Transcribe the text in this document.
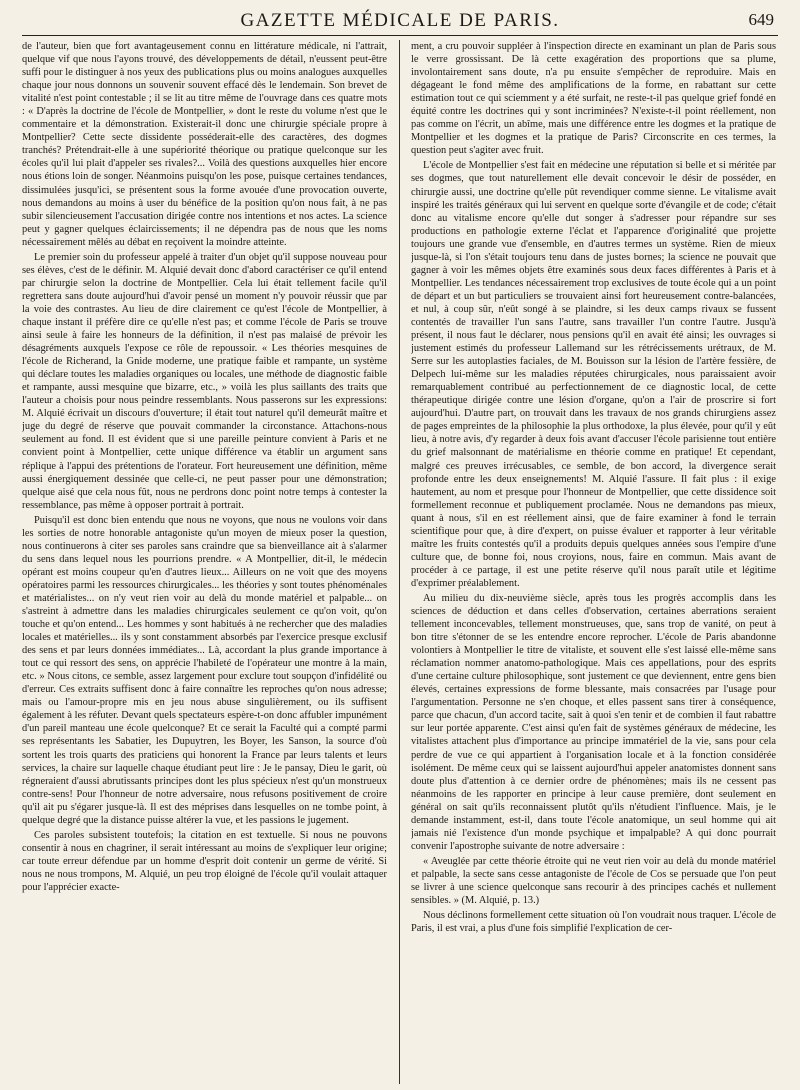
GAZETTE MÉDICALE DE PARIS.	649

de l'auteur, bien que fort avantageusement connu en littérature médicale, ni l'attrait, quelque vif que nous l'ayons trouvé, des développements de détail, n'eussent peut-être suffi pour le distinguer à nos yeux des publications plus ou moins analogues auxquelles chaque jour nous donnons un souvenir souvent effacé dès le lendemain. Son brevet de vitalité n'est point contestable ; il se lit au titre même de l'ouvrage dans ces quatre mots : « D'après la doctrine de l'école de Montpellier, » dont le reste du volume n'est que le commentaire et la démonstration. Existerait-il donc une chirurgie spéciale propre à Montpellier? Cette secte dissidente posséderait-elle des caractères, des dogmes tranchés? Prétendrait-elle à une supériorité théorique ou pratique quelconque sur les écoles qu'il lui plait d'appeler ses rivales?... Voilà des questions auxquelles hier encore nous étions loin de songer. Néanmoins puisqu'on les pose, puisque certaines tendances, dissimulées jusqu'ici, se présentent sous la forme avouée d'une provocation ouverte, nous demandons au moins à user du bénéfice de la position qu'on nous fait, à ne pas subir silencieusement l'accusation dirigée contre nos intentions et nos actes. La science peut y gagner quelques éclaircissements; il ne dépendra pas de nous que les noms nécessairement mêlés au débat en reçoivent la moindre atteinte.

Le premier soin du professeur appelé à traiter d'un objet qu'il suppose nouveau pour ses élèves, c'est de le définir. M. Alquié devait donc d'abord caractériser ce qu'il entend par chirurgie selon la doctrine de Montpellier. Cela lui était tellement facile qu'il regrettera sans doute aujourd'hui d'avoir pensé un moment n'y pouvoir réussir que par la voie des contrastes. Au lieu de dire clairement ce qu'est l'école de Montpellier, à chaque instant il préfère dire ce qu'elle n'est pas; et comme l'école de Paris se trouve ainsi seule à faire les honneurs de la définition, il n'est pas malaisé de prévoir les désagréments auxquels l'expose ce rôle de repoussoir. « Les théories mesquines de l'école de Richerand, la Gnide moderne, une pratique faible et rampante, un système qui déclare toutes les maladies organiques ou locales, une méthode de diagnostic faible et rampante, aussi mesquine que bizarre, etc., » voilà les plus saillants des traits que l'auteur a choisis pour nous peindre ressemblants. Nous passerons sur les expressions: M. Alquié écrivait un discours d'ouverture; il était tout naturel qu'il demeurât maître et juge du degré de réserve que pouvait commander la circonstance. Attachons-nous seulement au fond. Il est évident que si une pareille peinture convient à Paris et ne convient point à Montpellier, cette unique différence va établir un argument sans réplique à l'appui des prétentions de l'orateur. Fort heureusement une définition, même aussi énergiquement dessinée que celle-ci, ne peut passer pour une démonstration; quelque aisé que cela nous fût, nous ne perdrons donc point notre temps à contester la ressemblance, pas même à opposer portrait à portrait.

Puisqu'il est donc bien entendu que nous ne voyons, que nous ne voulons voir dans les sorties de notre honorable antagoniste qu'un moyen de mieux poser la question, nous continuerons à citer ses paroles sans craindre que sa bienveillance ait à s'alarmer du sens dans lequel nous les pourrions prendre. « A Montpellier, dit-il, le médecin opérant est moins coupeur qu'en d'autres lieux... Ailleurs on ne voit que des moyens opératoires parmi les ressources chirurgicales... les théories y sont toutes phénoménales et matérialistes... on n'y veut rien voir au delà du monde matériel et palpable... on s'astreint à admettre dans les maladies chirurgicales seulement ce qu'on voit, qu'on touche et qu'on entend... Les hommes y sont habitués à ne rechercher que des maladies locales et matérielles... ils y sont constamment absorbés par l'exercice presque exclusif des sens et par leurs données immédiates... Là, accordant la plus grande importance à tout ce qui ressort des sens, on apprécie l'habileté de l'opérateur une montre à la main, etc. » Nous citons, ce semble, assez largement pour exclure tout soupçon d'infidélité ou d'erreur. Ces extraits suffisent donc à faire connaître les reproches qu'on nous adresse; mais ou l'amour-propre mis en jeu nous abuse singulièrement, ou ils suffisent également à les réfuter. Devant quels spectateurs espère-t-on donc affubler impunément d'un pareil manteau une école quelconque? Et ce serait la Faculté qui a compté parmi ses représentants les Sabatier, les Dupuytren, les Boyer, les Sanson, la source d'où sortent les trois quarts des praticiens qui honorent la France par leurs talents et leurs services, la chaire sur laquelle chaque étudiant peut lire : Je le pansay, Dieu le garit, où régneraient d'aussi abrutissants principes dont les plus spécieux n'est qu'un monstrueux contre-sens! Pour l'honneur de notre adversaire, nous refusons positivement de croire qu'il ait pu s'égarer jusque-là. Il est des méprises dans lesquelles on ne tombe point, à quelque degré que la distance puisse altérer la vue, et les passions le jugement.

Ces paroles subsistent toutefois; la citation en est textuelle. Si nous ne pouvons consentir à nous en chagriner, il serait intéressant au moins de s'expliquer leur origine; car toute erreur défendue par un homme d'esprit doit contenir un germe de vérité. Si nous ne nous trompons, M. Alquié, un peu trop éloigné de l'école qu'il voulait attaquer pour l'apprécier exacte-

ment, a cru pouvoir suppléer à l'inspection directe en examinant un plan de Paris sous le verre grossissant. De là cette exagération des proportions que sa plume, involontairement sans doute, n'a pu ensuite s'empêcher de reproduire. Mais en dégageant le fond même des amplifications de la forme, en rabattant sur cette estimation tout ce qui sciemment y a été surfait, ne reste-t-il pas quelque grief fondé en équité contre les doctrines qui y sont incriminées? N'existe-t-il point réellement, non pas comme on l'écrit, un abîme, mais une différence entre les dogmes et la pratique de Montpellier et les dogmes et la pratique de Paris? Circonscrite en ces termes, la question peut s'agiter avec fruit.

L'école de Montpellier s'est fait en médecine une réputation si belle et si méritée par ses dogmes, que tout naturellement elle devait concevoir le désir de posséder, en chirurgie aussi, une doctrine qu'elle pût revendiquer comme sienne. Le vitalisme avait inspiré les traités généraux qui lui servent en quelque sorte d'évangile et de code; c'était donc au vitalisme encore qu'elle dut songer à s'adresser pour répandre sur ses productions en pathologie externe l'éclat et l'apparence d'originalité que projette toujours une grande vue d'ensemble, en d'autres termes un système. Rien de mieux jusque-là, si l'on s'était toujours tenu dans de justes bornes; la science ne pouvait que gagner à voir les mêmes objets être examinés sous deux faces différentes à Paris et à Montpellier. Les tendances nécessairement trop exclusives de toute école qui a un point de départ et un but particuliers se trouvaient ainsi fort heureusement contre-balancées, et nul, à coup sûr, n'eût songé à se plaindre, si les deux camps rivaux se fussent contentés de travailler l'un sans l'autre, sans travailler l'un contre l'autre. Jusqu'à présent, il nous faut le déclarer, nous pensions qu'il en avait été ainsi; les ouvrages si justement estimés du professeur Lallemand sur les rétrécissements urétraux, de M. Serre sur les autoplasties faciales, de M. Bouisson sur la lésion de l'artère fessière, de Delpech lui-même sur les maladies réputées chirurgicales, nous paraissaient avoir remarquablement contribué au perfectionnement de ce diagnostic local, de cette thérapeutique dirigée contre une lésion d'organe, qu'on a l'air de proscrire si fort aujourd'hui. D'autre part, on trouvait dans les travaux de nos grands chirurgiens assez de pages empreintes de la philosophie la plus orthodoxe, la plus élevée, pour qu'il y eût lieu, à notre avis, d'y regarder à deux fois avant d'accuser l'école parisienne tout entière du grief malsonnant de matérialisme en théorie comme en pratique! Et cependant, malgré ces preuves irrécusables, ce semble, de bon accord, la divergence serait profonde entre les deux enseignements! M. Alquié l'assure. Il fait plus : il exige hautement, au nom et presque pour l'honneur de Montpellier, que cette dissidence soit formellement reconnue et publiquement proclamée. Nous ne demandons pas mieux, quant à nous, s'il en est réellement ainsi, que de faire examiner à fond le terrain scientifique pour que, à dire d'expert, on puisse évaluer et rapporter à leur véritable maître les fruits contestés qu'il a produits depuis quelques années sous l'empire d'une culture que, de bonne foi, nous croyions, nous, faire en commun. Mais avant de procéder à ce partage, il est une petite réserve qu'il nous paraît utile et légitime d'exprimer préalablement.

Au milieu du dix-neuvième siècle, après tous les progrès accomplis dans les sciences de déduction et dans celles d'observation, certaines aberrations seraient tellement inconcevables, tellement monstrueuses, que, sans trop de vanité, on peut à bon titre s'étonner de se les entendre encore reprocher. L'école de Paris abandonne volontiers à Montpellier le titre de vitaliste, et souvent elle s'est laissé elle-même sans réclamation nommer anatomo-pathologique. Mais ces appellations, pour des esprits d'une certaine culture philosophique, sont justement ce que deviennent, entre gens bien élevés, certaines expressions de forme blessante, mais consacrées par l'usage pour l'argumentation. Personne ne s'en choque, et elles passent sans tirer à conséquence, parce que chacun, d'un accord tacite, sait à quoi s'en tenir et de combien il faut rabattre sur leur portée apparente. C'est ainsi qu'en fait de systèmes généraux de médecine, les vitalistes attachent plus d'importance au principe immatériel de la vie, sans pour cela perdre de vue ce qui appartient à l'organisation locale et à la fonction considérée isolément. De même ceux qui se laissent aujourd'hui appeler anatomistes donnent sans doute plus d'attention à ce dernier ordre de phénomènes; mais ils ne cessent pas néanmoins de les rapporter en principe à leur cause première, dont seulement en général on sait qu'ils reconnaissent plutôt qu'ils n'étudient l'influence. Mais, je le demande instamment, est-il, dans toute l'école anatomique, un seul homme qui ait jamais nié l'existence d'un monde psychique et impalpable? A qui donc pourrait convenir l'apostrophe suivante de notre adversaire :

« Aveuglée par cette théorie étroite qui ne veut rien voir au delà du monde matériel et palpable, la secte sans cesse antagoniste de l'école de Cos se persuade que l'on peut se livrer à une science quelconque sans recourir à des principes cachés et nullement sensibles. » (M. Alquié, p. 13.)

Nous déclinons formellement cette situation où l'on voudrait nous traquer. L'école de Paris, il est vrai, a plus d'une fois simplifié l'explication de cer-
